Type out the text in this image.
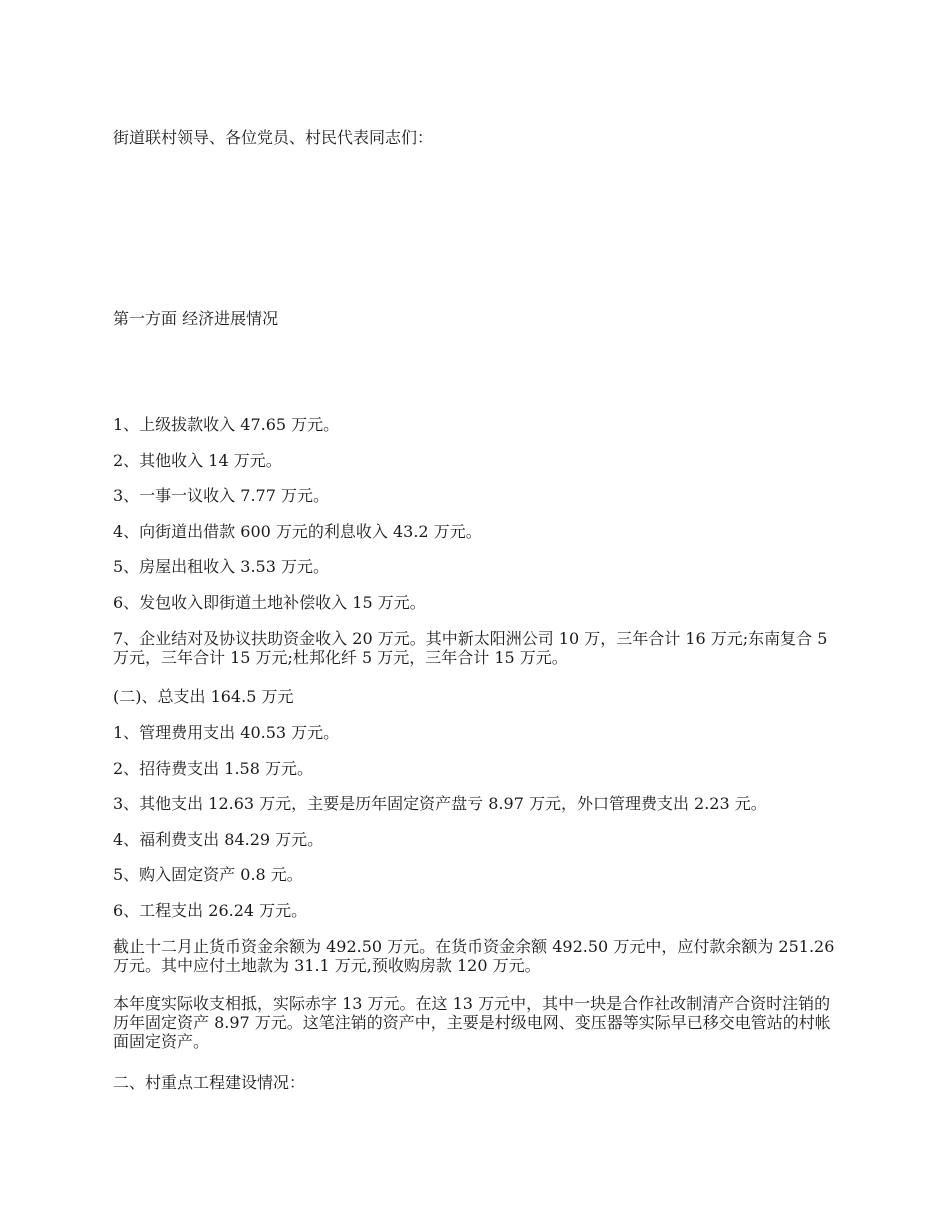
街道联村领导、各位党员、村民代表同志们：

第一方面 经济进展情况

1、上级拔款收入 47.65 万元。

2、其他收入 14 万元。

3、一事一议收入 7.77 万元。

4、向街道出借款 600 万元的利息收入 43.2 万元。

5、房屋出租收入 3.53 万元。

6、发包收入即街道土地补偿收入 15 万元。

7、企业结对及协议扶助资金收入 20 万元。其中新太阳洲公司 10 万，三年合计 16 万元;东南复合 5 万元，三年合计 15 万元;杜邦化纤 5 万元，三年合计 15 万元。

(二)、总支出 164.5 万元

1、管理费用支出 40.53 万元。

2、招待费支出 1.58 万元。

3、其他支出 12.63 万元，主要是历年固定资产盘亏 8.97 万元，外口管理费支出 2.23 元。

4、福利费支出 84.29 万元。

5、购入固定资产 0.8 元。

6、工程支出 26.24 万元。

截止十二月止货币资金余额为 492.50 万元。在货币资金余额 492.50 万元中，应付款余额为 251.26 万元。其中应付土地款为 31.1 万元,预收购房款 120 万元。

本年度实际收支相抵，实际赤字 13 万元。在这 13 万元中，其中一块是合作社改制清产合资时注销的历年固定资产 8.97 万元。这笔注销的资产中，主要是村级电网、变压器等实际早已移交电管站的村帐面固定资产。

二、村重点工程建设情况：
